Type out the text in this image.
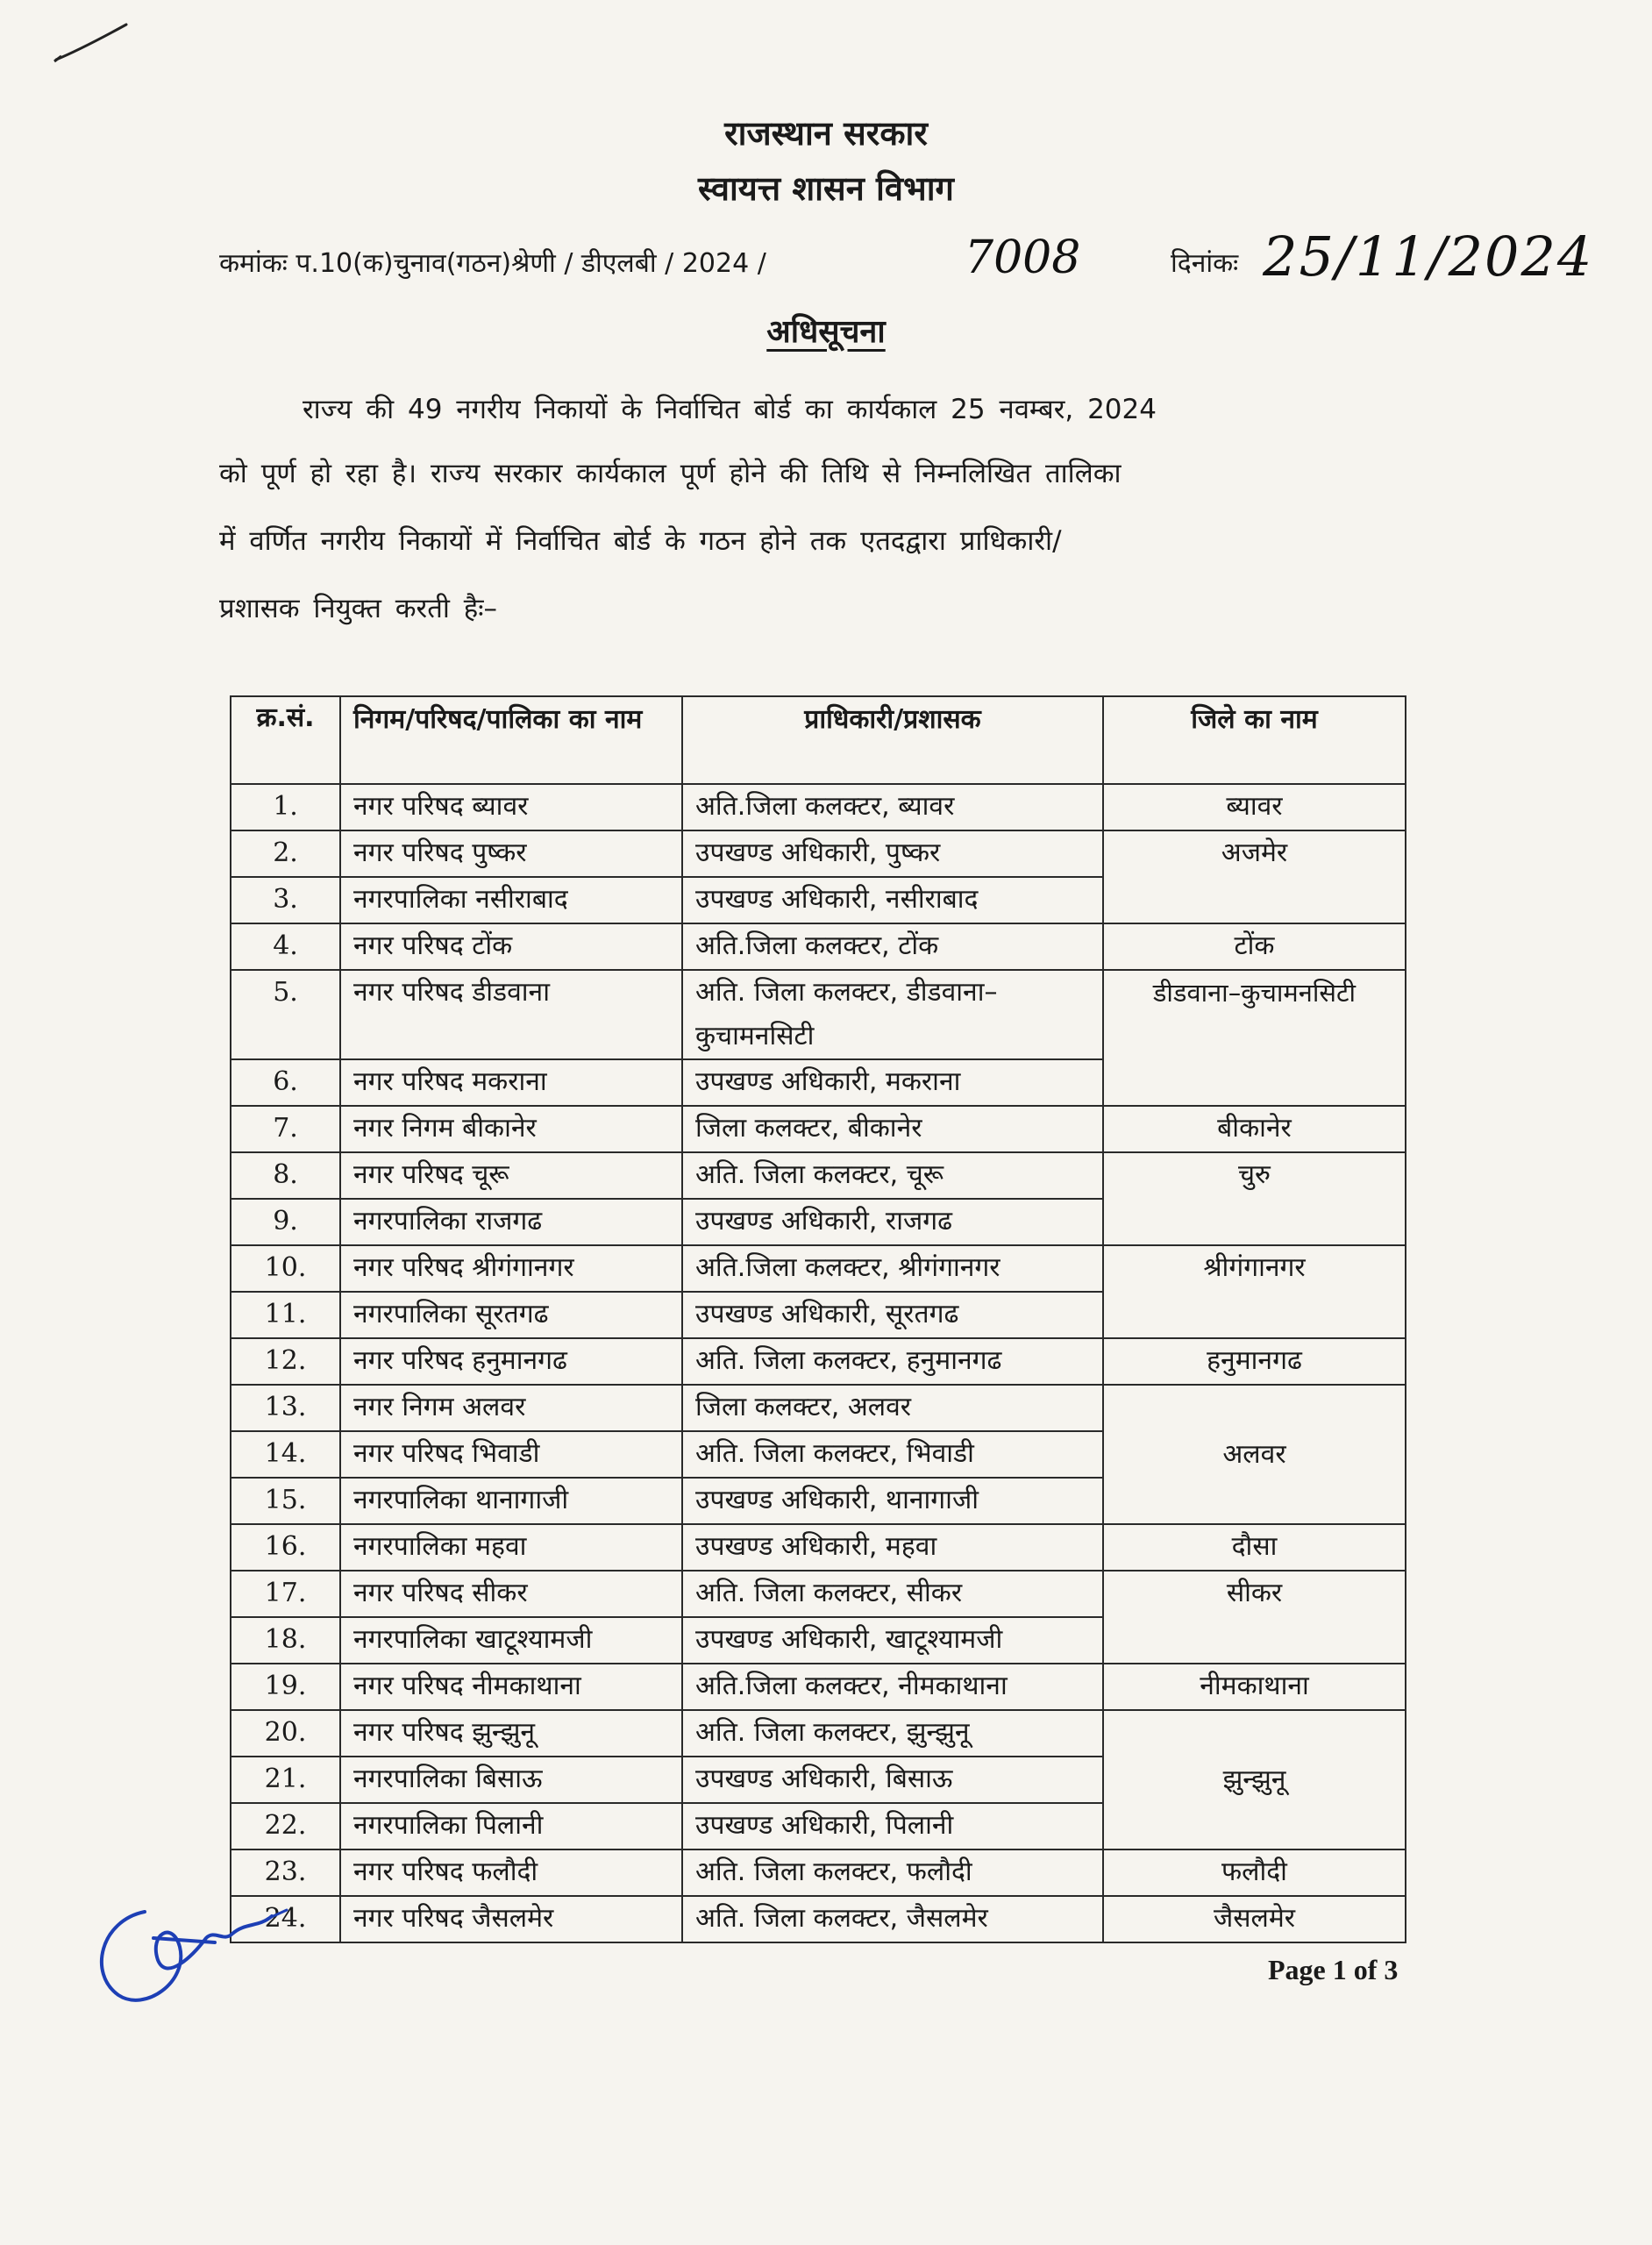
राजस्थान सरकार
स्वायत्त शासन विभाग
कमांकः प.10(क)चुनाव(गठन)श्रेणी / डीएलबी / 2024 /	7008	दिनांकः 25/11/2024
अधिसूचना
राज्य की 49 नगरीय निकायों के निर्वाचित बोर्ड का कार्यकाल 25 नवम्बर, 2024
को पूर्ण हो रहा है। राज्य सरकार कार्यकाल पूर्ण होने की तिथि से निम्नलिखित तालिका
में वर्णित नगरीय निकायों में निर्वाचित बोर्ड के गठन होने तक एतदद्वारा प्राधिकारी/
प्रशासक नियुक्त करती हैः–
क्र.सं.	निगम/परिषद/पालिका का नाम	प्राधिकारी/प्रशासक	जिले का नाम
1.	नगर परिषद ब्यावर	अति.जिला कलक्टर, ब्यावर	ब्यावर
2.	नगर परिषद पुष्कर	उपखण्ड अधिकारी, पुष्कर	अजमेर
3.	नगरपालिका नसीराबाद	उपखण्ड अधिकारी, नसीराबाद	
4.	नगर परिषद टोंक	अति.जिला कलक्टर, टोंक	टोंक
5.	नगर परिषद डीडवाना	अति. जिला कलक्टर, डीडवाना– कुचामनसिटी	डीडवाना–कुचामनसिटी
6.	नगर परिषद मकराना	उपखण्ड अधिकारी, मकराना	
7.	नगर निगम बीकानेर	जिला कलक्टर, बीकानेर	बीकानेर
8.	नगर परिषद चूरू	अति. जिला कलक्टर, चूरू	चुरु
9.	नगरपालिका राजगढ	उपखण्ड अधिकारी, राजगढ	
10.	नगर परिषद श्रीगंगानगर	अति.जिला कलक्टर, श्रीगंगानगर	श्रीगंगानगर
11.	नगरपालिका सूरतगढ	उपखण्ड अधिकारी, सूरतगढ	
12.	नगर परिषद हनुमानगढ	अति. जिला कलक्टर, हनुमानगढ	हनुमानगढ
13.	नगर निगम अलवर	जिला कलक्टर, अलवर	अलवर
14.	नगर परिषद भिवाडी	अति. जिला कलक्टर, भिवाडी	
15.	नगरपालिका थानागाजी	उपखण्ड अधिकारी, थानागाजी	
16.	नगरपालिका महवा	उपखण्ड अधिकारी, महवा	दौसा
17.	नगर परिषद सीकर	अति. जिला कलक्टर, सीकर	सीकर
18.	नगरपालिका खाटूश्यामजी	उपखण्ड अधिकारी, खाटूश्यामजी	
19.	नगर परिषद नीमकाथाना	अति.जिला कलक्टर, नीमकाथाना	नीमकाथाना
20.	नगर परिषद झुन्झुनू	अति. जिला कलक्टर, झुन्झुनू	झुन्झुनू
21.	नगरपालिका बिसाऊ	उपखण्ड अधिकारी, बिसाऊ	
22.	नगरपालिका पिलानी	उपखण्ड अधिकारी, पिलानी	
23.	नगर परिषद फलौदी	अति. जिला कलक्टर, फलौदी	फलौदी
24.	नगर परिषद जैसलमेर	अति. जिला कलक्टर, जैसलमेर	जैसलमेर
Page 1 of 3
